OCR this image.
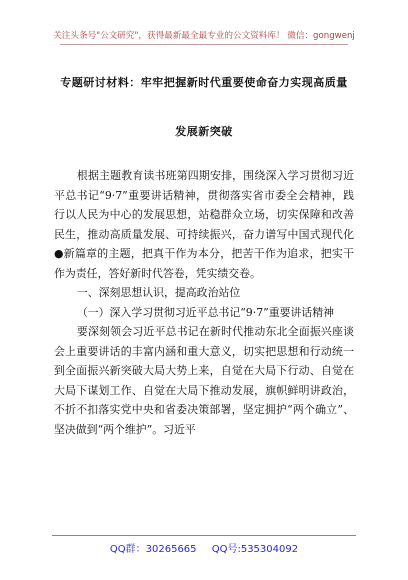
关注头条号"公文研究"，获得最新最全最专业的公文资料库！ 微信：gongwenj
专题研讨材料：牢牢把握新时代重要使命奋力实现高质量
发展新突破

根据主题教育读书班第四期安排，围绕深入学习贯彻习近平总书记“9·7”重要讲话精神，贯彻落实省市委全会精神，践行以人民为中心的发展思想，站稳群众立场，切实保障和改善民生，推动高质量发展、可持续振兴，奋力谱写中国式现代化●新篇章的主题，把真干作为本分，把苦干作为追求，把实干作为责任，答好新时代答卷，凭实绩交卷。

一、深刻思想认识，提高政治站位

（一）深入学习贯彻习近平总书记“9·7”重要讲话精神

要深刻领会习近平总书记在新时代推动东北全面振兴座谈会上重要讲话的丰富内涵和重大意义，切实把思想和行动统一到全面振兴新突破大局大势上来，自觉在大局下行动、自觉在大局下谋划工作、自觉在大局下推动发展，旗帜鲜明讲政治，不折不扣落实党中央和省委决策部署，坚定拥护“两个确立”、坚决做到“两个维护”。习近平

QQ群：30265665 QQ号:535304092
